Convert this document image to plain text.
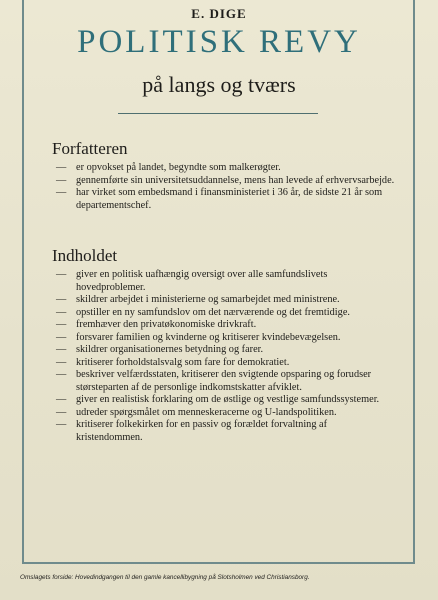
E. DIGE
POLITISK REVY
på langs og tværs
Forfatteren
— er opvokset på landet, begyndte som malkerøgter.
— gennemførte sin universitetsuddannelse, mens han levede af erhvervsarbejde.
— har virket som embedsmand i finansministeriet i 36 år, de sidste 21 år som departementschef.
Indholdet
— giver en politisk uafhængig oversigt over alle samfundslivets hovedproblemer.
— skildrer arbejdet i ministerierne og samarbejdet med ministrene.
— opstiller en ny samfundslov om det nærværende og det fremtidige.
— fremhæver den privatøkonomiske drivkraft.
— forsvarer familien og kvinderne og kritiserer kvindebevægelsen.
— skildrer organisationernes betydning og farer.
— kritiserer forholdstalsvalg som fare for demokratiet.
— beskriver velfærdsstaten, kritiserer den svigtende opsparing og forudser størsteparten af de personlige indkomstskatter afviklet.
— giver en realistisk forklaring om de østlige og vestlige samfundssystemer.
— udreder spørgsmålet om menneskeracerne og U-landspolitiken.
— kritiserer folkekirken for en passiv og forældet forvaltning af kristendommen.
Omslagets forside: Hovedindgangen til den gamle kancellibygning på Slotsholmen ved Christiansborg.
